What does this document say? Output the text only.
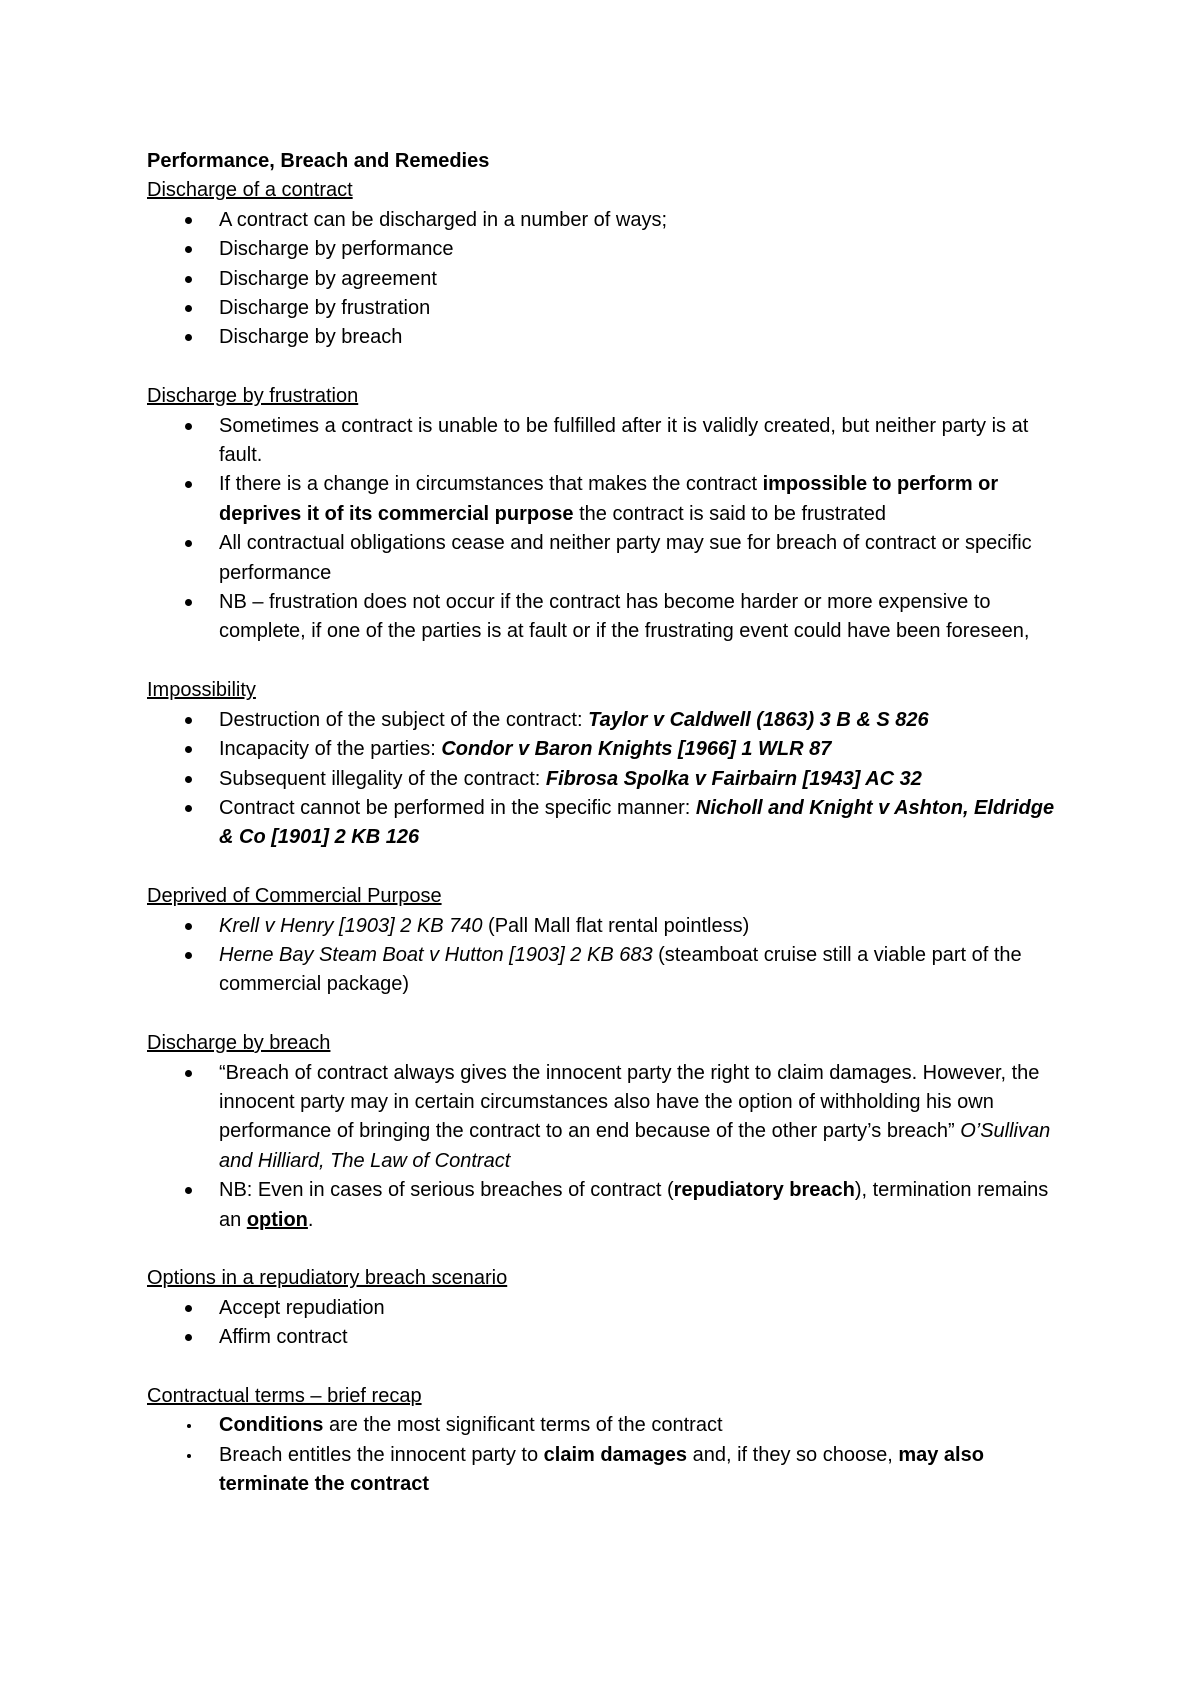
Performance, Breach and Remedies

Discharge of a contract

A contract can be discharged in a number of ways;
Discharge by performance
Discharge by agreement
Discharge by frustration
Discharge by breach

Discharge by frustration

Sometimes a contract is unable to be fulfilled after it is validly created, but neither party is at fault.
If there is a change in circumstances that makes the contract impossible to perform or deprives it of its commercial purpose the contract is said to be frustrated
All contractual obligations cease and neither party may sue for breach of contract or specific performance
NB – frustration does not occur if the contract has become harder or more expensive to complete, if one of the parties is at fault or if the frustrating event could have been foreseen,

Impossibility

Destruction of the subject of the contract: Taylor v Caldwell (1863) 3 B & S 826
Incapacity of the parties: Condor v Baron Knights [1966] 1 WLR 87
Subsequent illegality of the contract: Fibrosa Spolka v Fairbairn [1943] AC 32
Contract cannot be performed in the specific manner: Nicholl and Knight v Ashton, Eldridge & Co [1901] 2 KB 126

Deprived of Commercial Purpose

Krell v Henry [1903] 2 KB 740 (Pall Mall flat rental pointless)
Herne Bay Steam Boat v Hutton [1903] 2 KB 683 (steamboat cruise still a viable part of the commercial package)

Discharge by breach

“Breach of contract always gives the innocent party the right to claim damages. However, the innocent party may in certain circumstances also have the option of withholding his own performance of bringing the contract to an end because of the other party’s breach” O’Sullivan and Hilliard, The Law of Contract
NB: Even in cases of serious breaches of contract (repudiatory breach), termination remains an option.

Options in a repudiatory breach scenario

Accept repudiation
Affirm contract

Contractual terms – brief recap

Conditions are the most significant terms of the contract
Breach entitles the innocent party to claim damages and, if they so choose, may also terminate the contract
